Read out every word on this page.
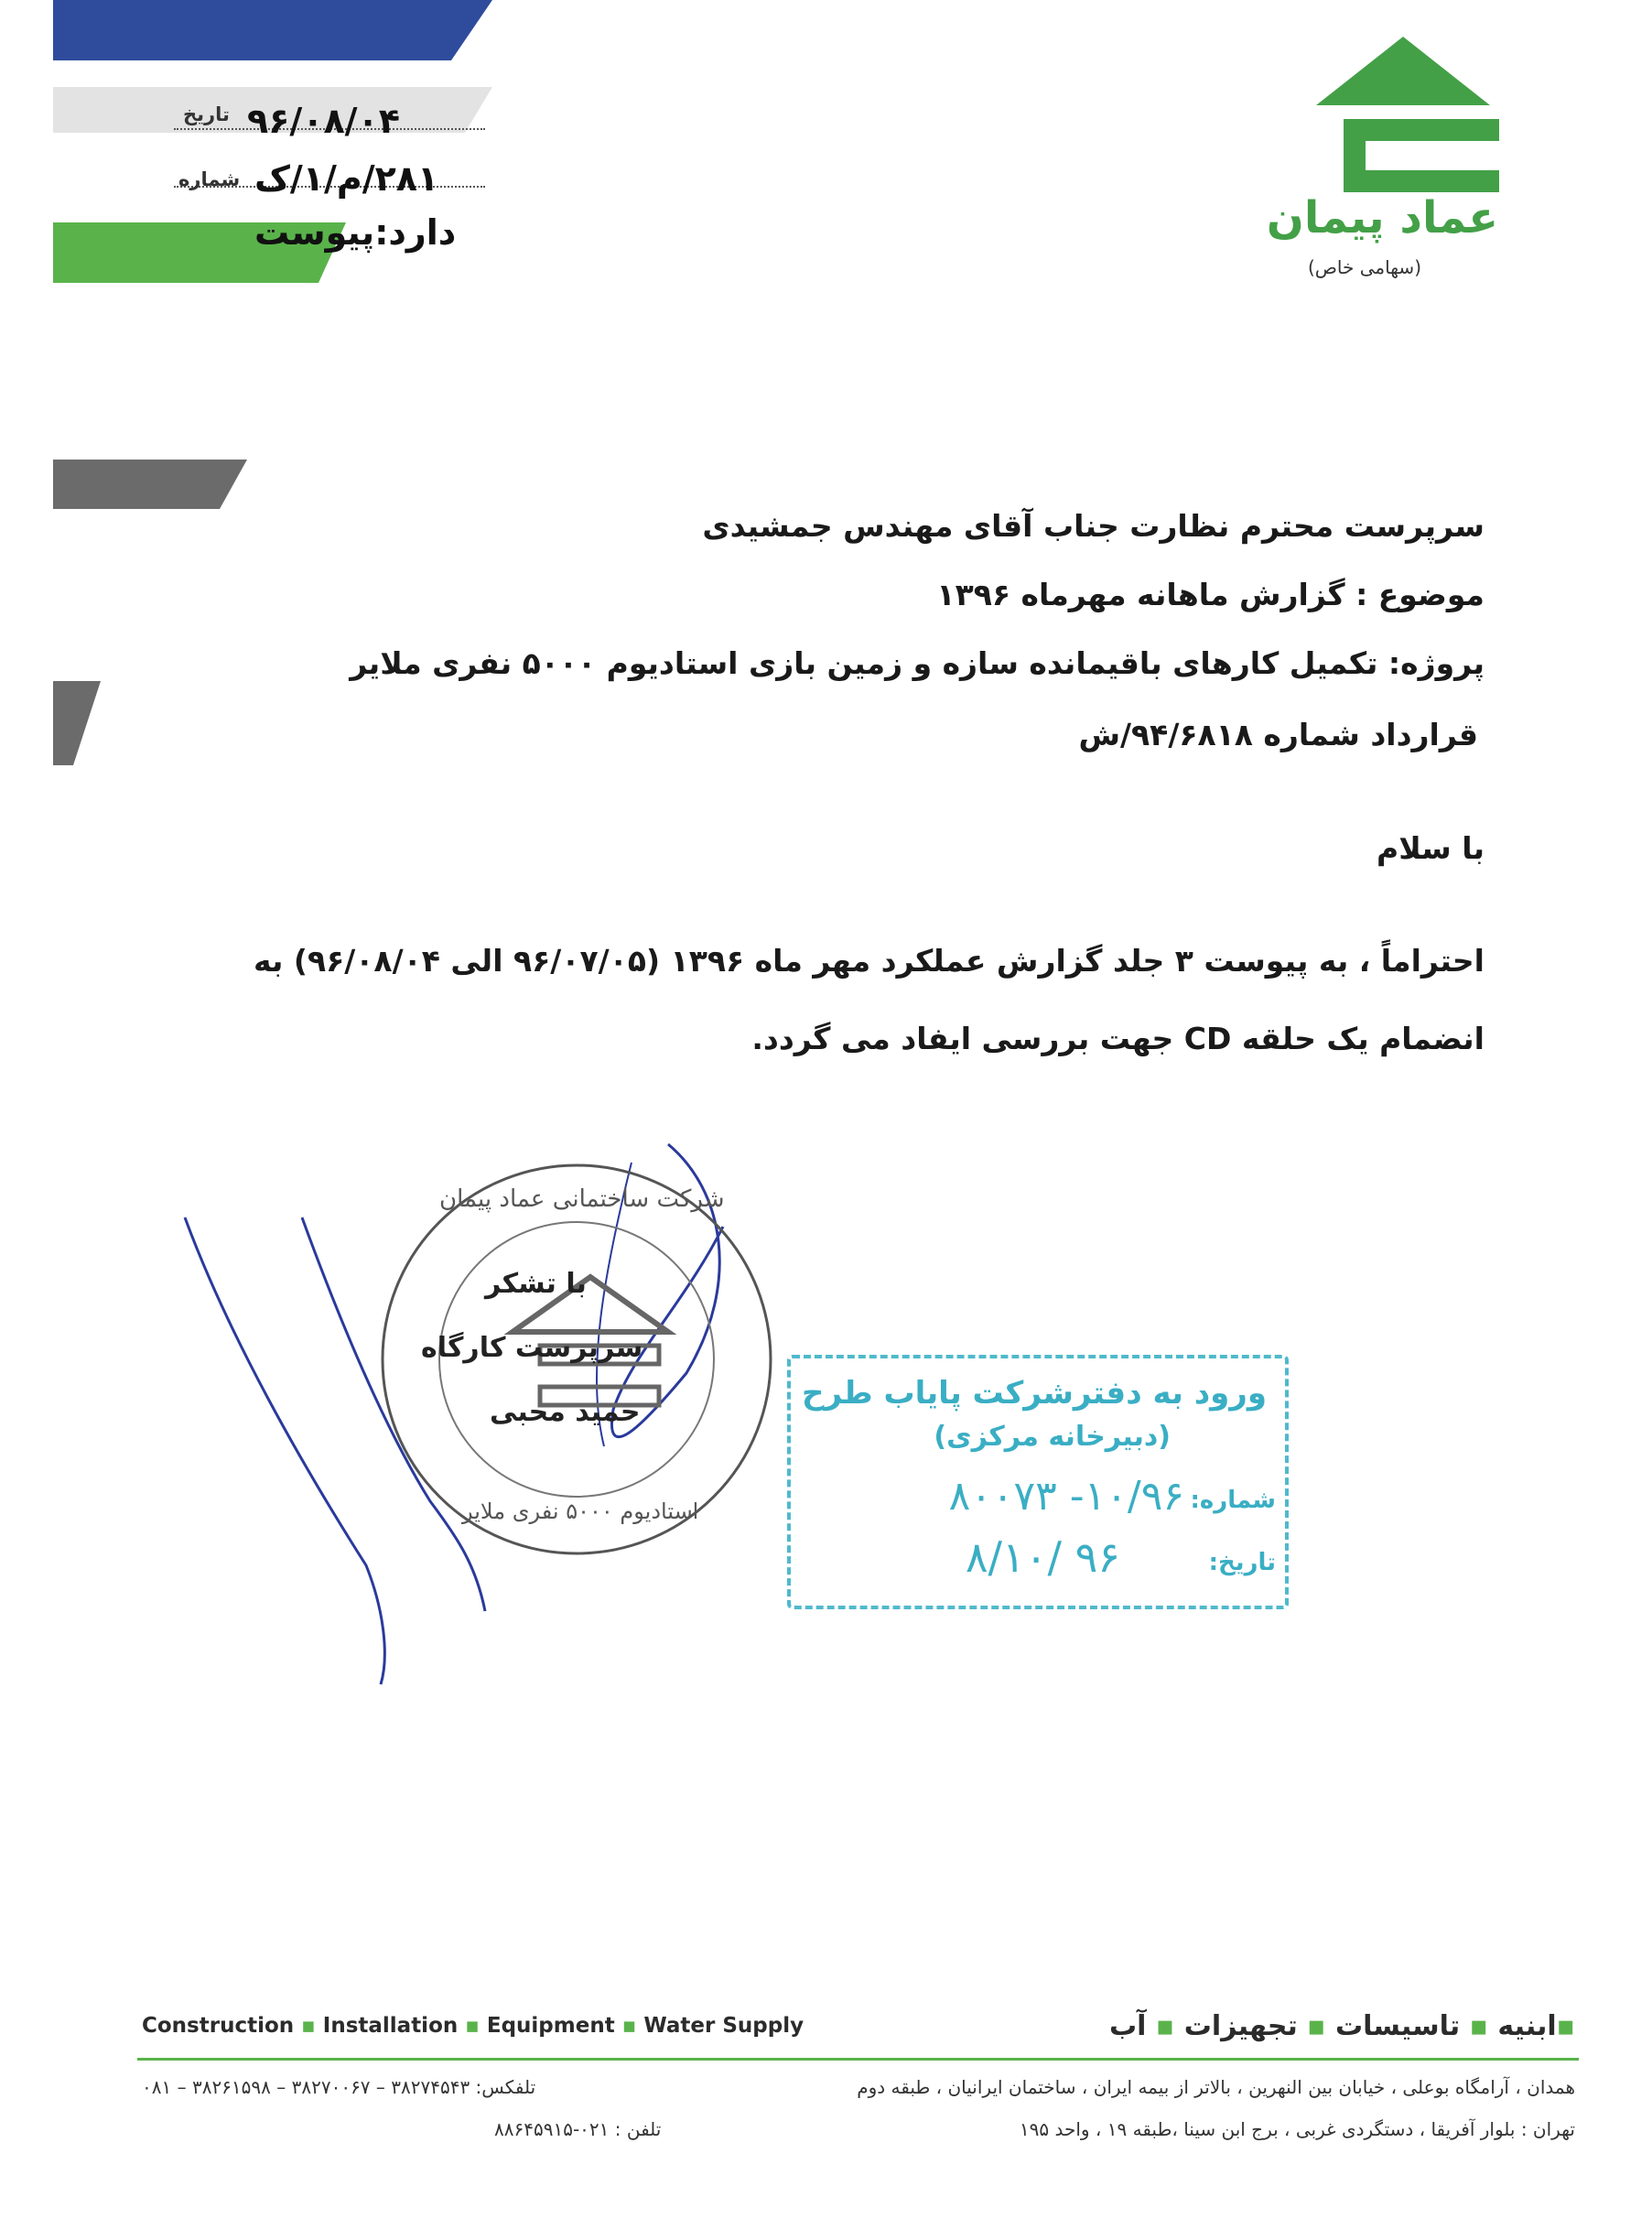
تاریخ ۹۶/۰۸/۰۴
شماره ۲۸۱/م/۱/ک
دارد:پیوست	عماد پیمان
(سهامی خاص)
سرپرست محترم نظارت جناب آقای مهندس جمشیدی
موضوع : گزارش ماهانه مهرماه ۱۳۹۶
پروژه: تکمیل کارهای باقیمانده سازه و زمین بازی استادیوم ۵۰۰۰ نفری ملایر
قرارداد شماره ۹۴/۶۸۱۸/ش
با سلام
احتراماً ، به پیوست ۳ جلد گزارش عملکرد مهر ماه ۱۳۹۶ (۹۶/۰۷/۰۵ الی ۹۶/۰۸/۰۴) به
انضمام یک حلقه CD جهت بررسی ایفاد می گردد.
شرکت ساختمانی عماد پیمان
استادیوم ۵۰۰۰ نفری ملایر
با تشکر
سرپرست کارگاه
حمید محبی
ورود به دفترشرکت پایاب طرح
(دبیرخانه مرکزی)
شماره:
۱۰/۹۶- ۸۰۰۷۳
تاریخ:
۹۶ /۸/۱۰
Construction ▪ Installation ▪ Equipment ▪ Water Supply	▪ابنیه ▪ تاسیسات ▪ تجهیزات ▪ آب
همدان ، آرامگاه بوعلی ، خیابان بین النهرین ، بالاتر از بیمه ایران ، ساختمان ایرانیان ، طبقه دوم
تلفکس: ۳۸۲۷۴۵۴۳ – ۳۸۲۷۰۰۶۷ – ۳۸۲۶۱۵۹۸ – ۰۸۱
تهران : بلوار آفریقا ، دستگردی غربی ، برج ابن سینا ،طبقه ۱۹ ، واحد ۱۹۵
تلفن : ۰۲۱-۸۸۶۴۵۹۱۵
